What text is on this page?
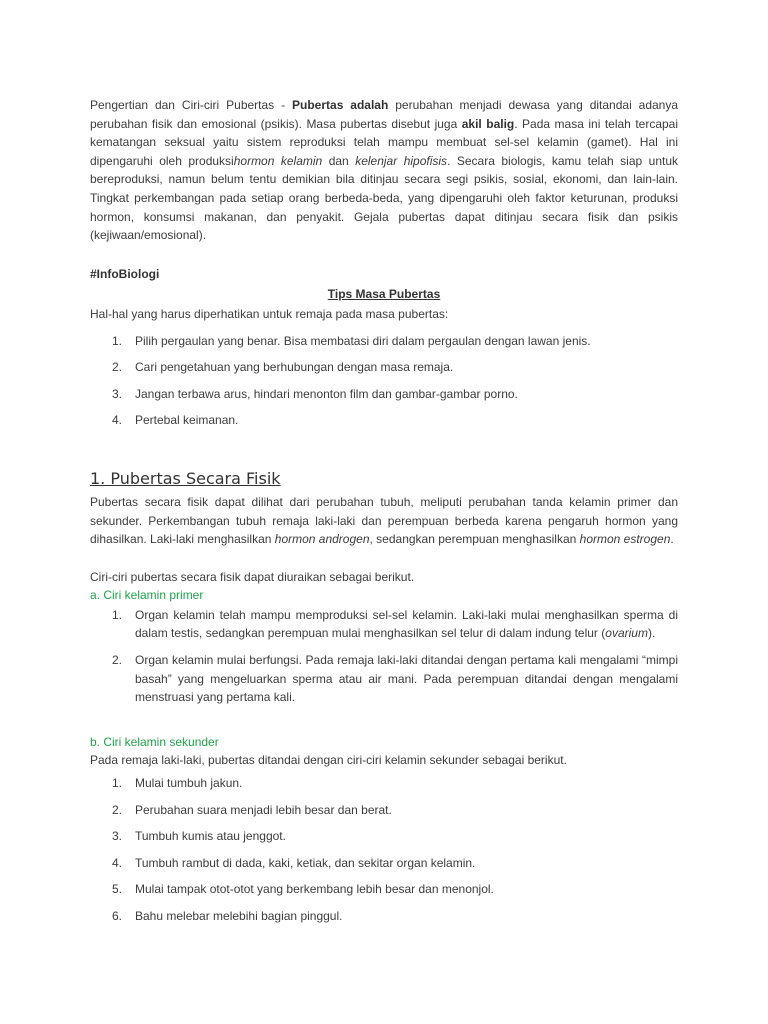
Pengertian dan Ciri-ciri Pubertas - Pubertas adalah perubahan menjadi dewasa yang ditandai adanya perubahan fisik dan emosional (psikis). Masa pubertas disebut juga akil balig. Pada masa ini telah tercapai kematangan seksual yaitu sistem reproduksi telah mampu membuat sel-sel kelamin (gamet). Hal ini dipengaruhi oleh produksihormon kelamin dan kelenjar hipofisis. Secara biologis, kamu telah siap untuk bereproduksi, namun belum tentu demikian bila ditinjau secara segi psikis, sosial, ekonomi, dan lain-lain. Tingkat perkembangan pada setiap orang berbeda-beda, yang dipengaruhi oleh faktor keturunan, produksi hormon, konsumsi makanan, dan penyakit. Gejala pubertas dapat ditinjau secara fisik dan psikis (kejiwaan/emosional).

#InfoBiologi

Tips Masa Pubertas

Hal-hal yang harus diperhatikan untuk remaja pada masa pubertas:

1. Pilih pergaulan yang benar. Bisa membatasi diri dalam pergaulan dengan lawan jenis.
2. Cari pengetahuan yang berhubungan dengan masa remaja.
3. Jangan terbawa arus, hindari menonton film dan gambar-gambar porno.
4. Pertebal keimanan.
1. Pubertas Secara Fisik

Pubertas secara fisik dapat dilihat dari perubahan tubuh, meliputi perubahan tanda kelamin primer dan sekunder. Perkembangan tubuh remaja laki-laki dan perempuan berbeda karena pengaruh hormon yang dihasilkan. Laki-laki menghasilkan hormon androgen, sedangkan perempuan menghasilkan hormon estrogen.

Ciri-ciri pubertas secara fisik dapat diuraikan sebagai berikut.

a. Ciri kelamin primer

1. Organ kelamin telah mampu memproduksi sel-sel kelamin. Laki-laki mulai menghasilkan sperma di dalam testis, sedangkan perempuan mulai menghasilkan sel telur di dalam indung telur (ovarium).
2. Organ kelamin mulai berfungsi. Pada remaja laki-laki ditandai dengan pertama kali mengalami “mimpi basah” yang mengeluarkan sperma atau air mani. Pada perempuan ditandai dengan mengalami menstruasi yang pertama kali.

b. Ciri kelamin sekunder

Pada remaja laki-laki, pubertas ditandai dengan ciri-ciri kelamin sekunder sebagai berikut.

1. Mulai tumbuh jakun.
2. Perubahan suara menjadi lebih besar dan berat.
3. Tumbuh kumis atau jenggot.
4. Tumbuh rambut di dada, kaki, ketiak, dan sekitar organ kelamin.
5. Mulai tampak otot-otot yang berkembang lebih besar dan menonjol.
6. Bahu melebar melebihi bagian pinggul.
